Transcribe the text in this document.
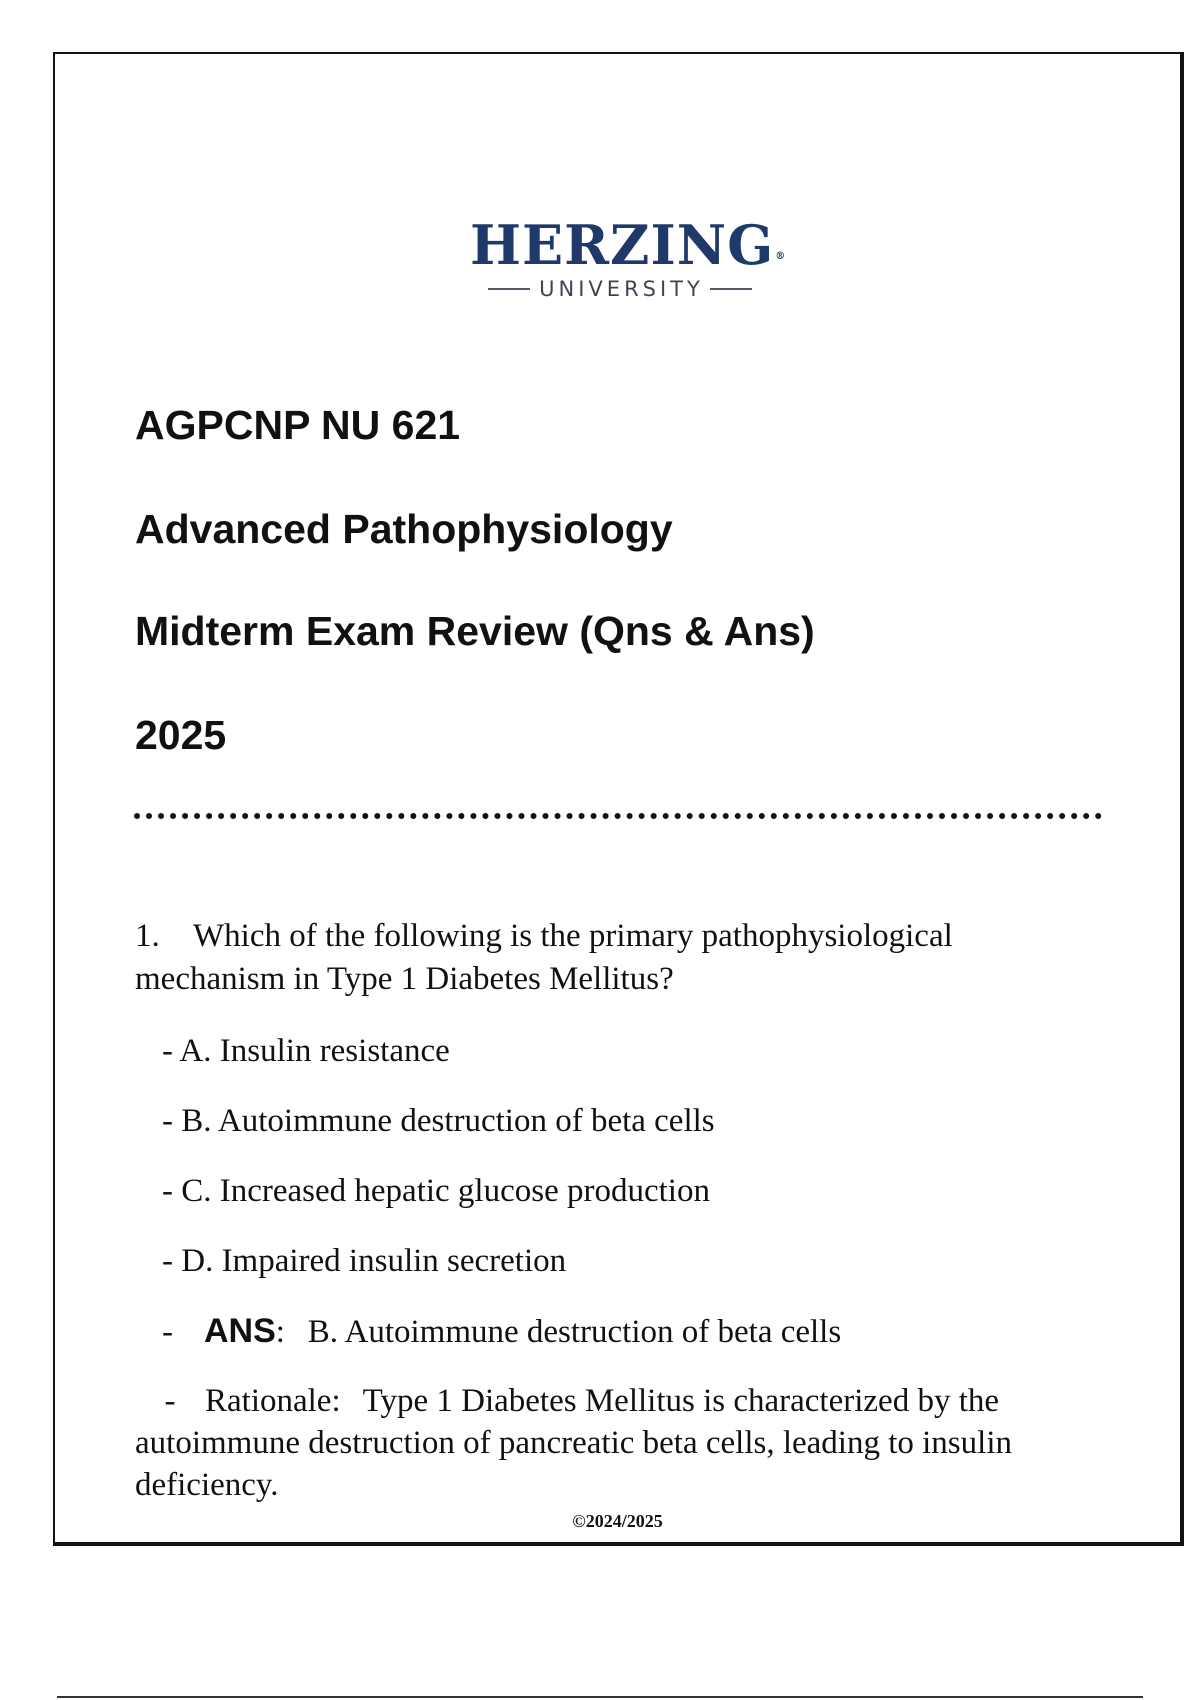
HERZING®
UNIVERSITY
AGPCNP NU 621
Advanced Pathophysiology
Midterm Exam Review (Qns & Ans)
2025
1. Which of the following is the primary pathophysiological mechanism in Type 1 Diabetes Mellitus?
- A. Insulin resistance
- B. Autoimmune destruction of beta cells
- C. Increased hepatic glucose production
- D. Impaired insulin secretion
- ANS: B. Autoimmune destruction of beta cells
- Rationale: Type 1 Diabetes Mellitus is characterized by the autoimmune destruction of pancreatic beta cells, leading to insulin deficiency.
©2024/2025
